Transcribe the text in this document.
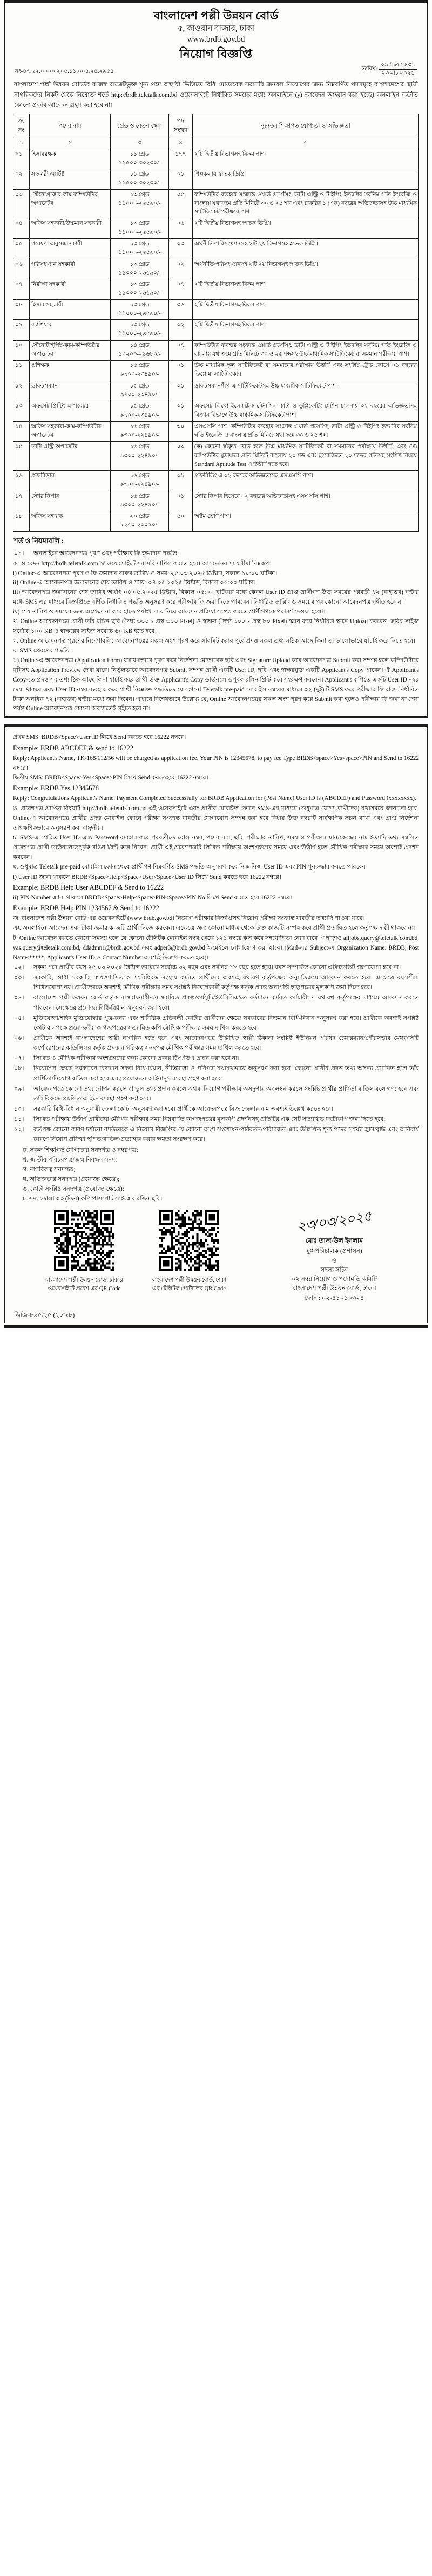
বাংলাদেশ পল্লী উন্নয়ন বোর্ড
৫, কাওরান বাজার, ঢাকা
www.brdb.gov.bd
নিয়োগ বিজ্ঞপ্তি
নং-৪৭.৬২.০০০০.২০৫.১১.০০৪.২৪.২৯৫৪	তারিখ:
০৯ চৈত্র ১৪৩১
২৩ মার্চ ২০২৫
বাংলাদেশ পল্লী উন্নয়ন বোর্ডের রাজস্ব বাজেটভুক্ত শূন্য পদে অস্থায়ী ভিত্তিতে বিধি মোতাবেক সরাসরি জনবল নিয়োগের জন্য নিম্নবর্ণিত পদসমূহে বাংলাদেশের স্থায়ী নাগরিকদের নিকট থেকে নিম্নোক্ত শর্তে http://brdb.teletalk.com.bd ওয়েবসাইটে নির্ধারিত সময়ের মধ্যে অনলাইনে (y) আবেদন আহ্বান করা হচ্ছে। অনলাইন ব্যতীত কোনো প্রকার আবেদন গ্রহণ করা হবে না।
ক্র. নং	পদের নাম	গ্রেড ও বেতন স্কেল	পদ সংখ্যা	ন্যূনতম শিক্ষাগত যোগ্যতা ও অভিজ্ঞতা
১	২	৩	৪	৫
০১	হিসাবরক্ষক	১১ গ্রেড ১২৫০০-৩০২৩০/-	১৭৭	২টি দ্বিতীয় বিভাগসহ বিকম পাশ।
০২	সহকারী আর্টিষ্ট	১১ গ্রেড ১২৫০০-৩০২৩০/-	০১	শিল্পকলায় স্নাতক ডিগ্রি।
০৩	স্টেনোগ্রাফার-কাম-কম্পিউটার অপারেটর	১৩ গ্রেড ১১০০০-২৬৫৯০/-	০৫	কম্পিউটার ব্যবহার সংক্রান্ত ওয়ার্ড প্রসেসিং, ডাটা এন্ট্রি ও টাইপিং ইত্যাদির সর্বনিম্ন গতি ইংরেজি ও বাংলায় যথাক্রমে প্রতি মিনিটে ৩০ ও ২৫ শব্দ এবং চাকরির ১ (এক) বছরের অভিজ্ঞতাসহ উচ্চ মাধ্যমিক সার্টিফিকেট পরীক্ষায় পাশ।
০৪	অফিস সহকারী/উচ্চমান সহকারী	১৩ গ্রেড ১১০০০-২৬৫৯০/-	০৬	২টি দ্বিতীয় বিভাগসহ স্নাতক ডিগ্রি।
০৫	গবেষণা অনুসন্ধানকারী	১৩ গ্রেড ১১০০০-২৬৫৯০/-	০৩	অর্থনীতি/পরিসংখ্যানসহ ২টি ২য় বিভাগসহ স্নাতক ডিগ্রি।
০৬	পরিসংখ্যান সহকারী	১৩ গ্রেড ১১০০০-২৬৫৯০/-	০২	অর্থনীতি/পরিসংখ্যানসহ ২টি ২য় বিভাগসহ স্নাতক ডিগ্রি।
০৭	নিরীক্ষা সহকারী	১৩ গ্রেড ১১০০০-২৬৫৯০/-	০৭	২টি দ্বিতীয় বিভাগসহ বিকম পাশ।
০৮	হিসাব সহকারী	১৩ গ্রেড ১১০০০-২৬৫৯০/-	৩৬	২টি দ্বিতীয় বিভাগসহ বিকম পাশ।
০৯	ক্যাশিয়ার	১৩ গ্রেড ১১০০০-২৬৫৯০/-	০২	২টি দ্বিতীয় বিভাগসহ বিকম পাশ।
১০	স্টেনোটাইপিষ্ট-কাম-কম্পিউটার অপারেটর	১৪ গ্রেড ১০২০০-২৪৬৮০/-	০৭	কম্পিউটার ব্যবহার সংক্রান্ত ওয়ার্ড প্রসেসিং, ডাটা এন্ট্রি ও টাইপিং ইত্যাদির সর্বনিম্ন গতি ইংরেজি ও বাংলায় যথাক্রমে প্রতি মিনিটে ৩০ ও ২৫ শব্দসহ উচ্চ মাধ্যমিক সার্টিফিকেট বা সমমান পরীক্ষায় পাশ।
১১	প্রশিক্ষক	১৫ গ্রেড ৯৭০০-২৩৪৯০/-	০১	উচ্চ মাধ্যমিক স্কুল সার্টিফিকেট বা সমমানের পরীক্ষায় উত্তীর্ণ এবং সংশ্লিষ্ট ট্রেড কোর্সে ০১ বছরের ডিপ্লোমা সার্টিফিকেট।
১২	ড্রাফটসম্যান	১৫ গ্রেড ৯৭০০-২৩৪৯০/-	০১	ড্রাফটসম্যানশীপ এ সার্টিফিকেটসহ উচ্চ মাধ্যমিক সার্টিফিকেট পাশ।
১৩	অফসেট প্রিন্টিং অপারেটর	১৫ গ্রেড ৯৭০০-২৩৪৯০/-	০১	অফসেট লিথো ইলেকট্রিক স্টেনসিল কাটা ও ডুপ্লিকেটিং মেশিন চালনায় ০২ বছরের অভিজ্ঞতাসহ বিজ্ঞান বিভাগে উচ্চ মাধ্যমিক সার্টিফিকেট পাশ।
১৪	অফিস সহকারী-কাম-কম্পিউটার অপারেটর	১৬ গ্রেড ৯৩০০-২২৪৯০/-	৩০	এসএসসি পাশ। কম্পিউটার ব্যবহার সংক্রান্ত ওয়ার্ড প্রসেসিং, ডাটা এন্ট্রি ও টাইপিং ইত্যাদির সর্বনিম্ন গতি ইংরেজি ও বাংলায় প্রতি মিনিটে যথাক্রমে ৩০ ও ২৫ শব্দ।
১৫	ডাটা এন্ট্রি অপারেটর	১৬ গ্রেড ৯৩০০-২২৪৯০/-	০৩	(ক) কোনো স্বীকৃত বোর্ড হতে উচ্চ মাধ্যমিক সার্টিফিকেট বা সমমানের পরীক্ষায় উত্তীর্ণ; এবং (খ) কম্পিউটার মুদ্রাক্ষরে প্রতি মিনিটে বাংলায় ২০ শব্দ এবং ইংরেজিতে ২০ শব্দের গতিসহ সংশ্লিষ্ট বিষয়ে Standard Aptitude Test এ উত্তীর্ণ হতে হবে।
১৬	প্রুফরিডার	১৬ গ্রেড ৯৩০০-২২৪৯০/-	০১	প্রুফরিডিং এ ০২ বছরের অভিজ্ঞতাসহ এসএসসি পাশ।
১৭	স্টোর কিপার	১৬ গ্রেড ৯৩০০-২২৪৯০/-	০১	স্টোর কিপার হিসেবে ০২ বছরের অভিজ্ঞতাসহ এসএসসি পাশ।
১৮	অফিস সহায়ক	২০ গ্রেড ৮২৫০-২০০১০/-	৫০	অষ্টম শ্রেণি পাশ।
শর্ত ও নিয়মাবলি :
০১।	অনলাইনে আবেদনপত্র পূরণ এবং পরীক্ষার ফি জমাদান পদ্ধতি:
ক. আবেদন http://brdb.teletalk.com.bd ওয়েবসাইটে সরাসরি দাখিল করতে হবে। আবেদনের সময়সীমা নিম্নরূপ:
i) Online-এ আবেদনপত্র পূরণ ও ফি জমাদান শুরুর তারিখ ও সময়: ২৫.০৩.২০২৫ খ্রিষ্টাব্দ, সকাল ১০:০০ ঘটিকা।
ii) Online-এ আবেদনপত্র জমাদানের শেষ তারিখ ও সময়: ০৪.০৫.২০২৫ খ্রিষ্টাব্দ, বিকাল ০৫:০০ ঘটিকা।
iii) আবেদনপত্র জমাদানের শেষ তারিখ অর্থাৎ ০৪.০৫.২০২৫ খ্রিষ্টাব্দ, বিকাল ০৫:০০ ঘটিকার মধ্যে কেবল User ID প্রাপ্ত প্রার্থীগণ উক্ত সময়ের পরবর্তী ৭২ (বাহাত্তর) ঘণ্টার মধ্যে SMS এর মাধ্যমে বিজ্ঞপ্তিতে বর্ণিত নির্ধারিত পদ্ধতি অনুসরণ করে পরীক্ষার ফি জমা দিতে পারবেন। নির্ধারিত তারিখ ও সময়ের পর কোনো আবেদনপত্র গৃহীত হবে না।
iv) শেষ তারিখ ও সময়ের জন্য অপেক্ষা না করে হাতে পর্যাপ্ত সময় নিয়ে আবেদন প্রক্রিয়া সম্পন্ন করতে প্রার্থীগণকে পরামর্শ দেওয়া হলো।
খ. Online আবেদনপত্রে প্রার্থী তাঁর রঙ্গিন ছবি (দৈর্ঘ্য ৩০০ x প্রস্থ ৩০০ Pixel) ও স্বাক্ষর (দৈর্ঘ্য ৩০০ x প্রস্থ ৮০ Pixel) স্ক্যান করে নির্ধারিত স্থানে Upload করবেন। ছবির সাইজ সর্বোচ্চ ১০০ KB ও স্বাক্ষরের সাইজ সর্বোচ্চ ৬০ KB হতে হবে।
গ. Online আবেদনপত্র পূরণের নির্দেশাবলি: আবেদনপত্রের সকল অংশ পূরণ করে সাবমিট করার পূর্বে প্রদত্ত সকল তথ্য সঠিক আছে কিনা তা ভালোভাবে যাচাই করে নিতে হবে।
ঘ. SMS প্রেরণের পদ্ধতি:
১) Online-এ আবেদনপত্র (Application Form) যথাযথভাবে পূরণ করে নির্দেশনা মোতাবেক ছবি এবং Signature Upload করে আবেদনপত্র Submit করা সম্পন্ন হলে কম্পিউটারে ছবিসহ Application Preview দেখা যাবে। নির্ভুলভাবে আবেদনপত্র Submit সম্পন্ন প্রার্থী একটি User ID, ছবি এবং স্বাক্ষরযুক্ত একটি Applicant's Copy পাবেন। ঐ Applicant's Copy-তে প্রদত্ত সব তথ্য ঠিক আছে কিনা যাচাই করে প্রার্থী উক্ত Applicant's Copy ডাউনলোডপূর্বক রঙ্গিন প্রিন্ট করে সংরক্ষণ করবেন। Applicant's কপিতে একটি User ID নম্বর দেয়া থাকবে এবং User ID নম্বর ব্যবহার করে প্রার্থী নিম্নোক্ত পদ্ধতিতে যে কোনো Teletalk pre-paid মোবাইল নম্বরের মাধ্যমে ০২ (দুই)টি SMS করে পরীক্ষার ফি বাবদ নির্ধারিত টাকা অনধিক ৭২ (বাহাত্তর) ঘণ্টার মধ্যে জমা দিবেন। এখানে বিশেষভাবে উল্লেখ্য যে, Online আবেদনপত্রের সকল অংশ পূরণ করে Submit করা হলেও পরীক্ষার ফি জমা না দেয়া পর্যন্ত Online আবেদনপত্র কোনো অবস্থাতেই গৃহীত হবে না।
প্রথম SMS: BRDB<Space>User ID লিখে Send করতে হবে 16222 নম্বরে।
Example: BRDB ABCDEF & send to 16222
Reply: Applicant's Name, TK-168/112/56 will be charged as application fee. Your PIN is 12345678, to pay fee Type BRDB<space>Yes<space>PIN and Send to 16222 নম্বরে।
দ্বিতীয় SMS: BRDB<Space>Yes<Space>PIN লিখে Send করতেহবে 16222 নম্বরে।
Example: BRDB Yes 12345678
Reply: Congratulations Applicant's Name. Payment Completed Successfully for BRDB Application for (Post Name) User ID is (ABCDEF) and Password (xxxxxxxx).
ঙ. প্রবেশপত্র প্রাপ্তির বিষয়টি http://brdb.teletalk.com.bd এই ওয়েবসাইটে এবং প্রার্থীর মোবাইল ফোনে SMS-এর মাধ্যমে (শুধুমাত্র যোগ্য প্রার্থীদের) যথাসময়ে জানানো হবে। Online-এ আবেদনপত্রে প্রার্থীর প্রদত্ত মোবাইল ফোনে পরীক্ষা সংক্রান্ত যাবতীয় যোগাযোগ সম্পন্ন করা হবে বিধায় উক্ত নম্বরটি সার্বক্ষণিক সচল রাখা এবং প্রাপ্ত নির্দেশনা তাৎক্ষণিকভাবে অনুসরণ করা বাঞ্ছনীয়।
চ. SMS-এ প্রেরিত User ID এবং Password ব্যবহার করে পরবর্তীতে রোল নম্বর, পদের নাম, ছবি, পরীক্ষার তারিখ, সময় ও পরীক্ষার স্থান/কেন্দ্রের নাম ইত্যাদি তথ্য সম্বলিত প্রবেশপত্র প্রার্থী ডাউনলোডপূর্বক রঙিন প্রিন্ট করে নিবেন। প্রার্থী এই প্রবেশপত্রটি লিখিত পরীক্ষায় অংশগ্রহণের সময়ে এবং উত্তীর্ণ হলে মৌখিক পরীক্ষার সময়ে অবশ্যই প্রদর্শন করবেন।
ছ. শুধুমাত্র Teletalk pre-paid মোবাইল ফোন থেকে প্রার্থীগণ নিম্নবর্ণিত SMS পদ্ধতি অনুসরণ করে নিজ নিজ User ID এবং PIN পুনরুদ্ধার করতে পারবেন।
i) User ID জানা থাকলে BRDB<Space>Help<Space>User<Space>User ID লিখে Send করতে হবে 16222 নম্বরে।
Example: BRDB Help User ABCDEF & Send to 16222
ii) PIN Number জানা থাকলে BRDB<Space>Help<Space>PIN<Space>PIN No লিখে Send করতে হবে 16222 নম্বরে।
Example: BRDB Help PIN 1234567 & Send to 16222
জ. বাংলাদেশ পল্লী উন্নয়ন বোর্ড এর ওয়েবসাইটে (www.brdb.gov.bd) নিয়োগ পরীক্ষার বিজ্ঞপ্তিসহ নিয়োগ পরীক্ষা সংক্রান্ত যাবতীয় তথ্যাদি পাওয়া যাবে।
ঞ. অনলাইনে আবেদন এবং টাকা জমার কাজটি প্রার্থী নিজে করবেন। এক্ষেত্রে অন্য কোনো মাধ্যম থেকে উক্ত কাজটি সম্পন্ন করে প্রার্থী প্রতারিত হলে কর্তৃপক্ষ দায়ী থাকবে না।
ট. Online আবেদন করতে কোনো সমস্যা হলে যে কোনো টেলিটক মোবাইল নম্বর থেকে ১২১ নম্বরে কল করে সহযোগিতা নেয়া যাবে। এছাড়াও alljobs.query@teletalk.com.bd, vas.query@teletalk.com.bd, ddadmn1@brdb.gov.bd এবং adper3@brdb.gov.bd ই-মেইলে যোগাযোগ করা যাবে। (Mail-এর Subject-এ Organization Name: BRDB, Post Name:*****, Applicant's User ID ও Contact Number অবশ্যই উল্লেখ করতে হবে)।
০২।	সকল পদে প্রার্থীর বয়স ২৫.০৩.২০২৫ খ্রিষ্টাব্দ তারিখে সর্বোচ্চ ৩২ বছর এবং সর্বনিম্ন ১৮ বছর হতে হবে। বয়স সম্পর্কিত কোনো এফিডেভিট গ্রহণযোগ্য হবে না।
০৩।	সরকারি, আধা সরকারি, স্বায়ত্তশাসিত ও সংবিধিবদ্ধ সংস্থায় কর্মরত প্রার্থীদের অবশ্যই যথাযথ কর্তৃপক্ষের অনুমতিক্রমে আবেদন করতে হবে। এক্ষেত্রে বয়সসীমা শিথিলযোগ্য নয়। প্রার্থীদেরকে অবশ্যই মৌখিক পরীক্ষার সময় সংশ্লিষ্ট নিয়োগকারী কর্তৃপক্ষ কর্তৃক প্রদত্ত অনাপত্তি ছাড়পত্রের মূলকপি জমা দিতে হবে।
০৪।	বাংলাদেশ পল্লী উন্নয়ন বোর্ড কর্তৃক বাস্তবায়নাধীন/বাস্তবায়িত প্রকল্প/কর্মসূচি/ইউসিসিএ'তে বর্তমানে কর্মরত কর্মচারীগণ যথাযথ কর্তৃপক্ষের মাধ্যমে আবেদন করতে পারবেন। সেক্ষেত্রে প্রযোজ্য বিধি-বিধান অনুসরণ করা হবে।
০৫।	মুক্তিযোদ্ধা/শহিদ মুক্তিযোদ্ধার পুত্র-কন্যা এবং শারীরিক প্রতিবন্ধী কোটার প্রার্থীদের ক্ষেত্রে সরকারের বিদ্যমান বিধি-বিধান অনুসরণ করা হবে। প্রার্থীকে অবশ্যই সংশ্লিষ্ট কোটার সপক্ষে প্রয়োজনীয় কাগজপত্রের সত্যায়িত কপি মৌখিক পরীক্ষার সময় দাখিল করতে হবে।
০৬।	প্রার্থীকে অবশ্যই বাংলাদেশের স্থায়ী নাগরিক হতে হবে এবং আবেদনপত্রে উল্লিখিত স্থায়ী ঠিকানা সংশ্লিষ্ট ইউনিয়ন পরিষদ চেয়ারম্যান/পৌরসভার মেয়র/সিটি কর্পোরেশনের কাউন্সিলর কর্তৃক প্রদত্ত নাগরিকত্ব সনদপত্র মৌখিক পরীক্ষার সময় দাখিল করতে হবে।
০৭।	লিখিত ও মৌখিক পরীক্ষায় অংশগ্রহণের জন্য কোনো প্রকার টিএ/ডিএ প্রদান করা হবে না।
০৮।	নিয়োগের ক্ষেত্রে সরকারের বিদ্যমান সকল বিধি-বিধান, নীতিমালা ও পরিপত্র যথাযথভাবে অনুসরণ করা হবে। কোনো প্রার্থীর প্রদত্ত তথ্য অসত্য প্রমাণিত হলে তাঁর প্রার্থিতা/নিয়োগ বাতিল করা হবে এবং প্রয়োজনে আইনানুগ ব্যবস্থা গ্রহণ করা হবে।
০৯।	আবেদনপত্রে কোনো তথ্য গোপন করলে বা ভুল তথ্য প্রদান করলে অথবা নিয়োগ পরীক্ষায় অসদুপায় অবলম্বন করলে সংশ্লিষ্ট প্রার্থীর প্রার্থিতা বাতিল বলে গণ্য হবে এবং তাঁর বিরুদ্ধে প্রচলিত আইনে ব্যবস্থা গ্রহণ করা হবে।
১০।	সরকারি বিধি-বিধান অনুযায়ী জেলা কোটা অনুসরণ করা হবে। প্রার্থীকে আবেদনপত্রে নিজ জেলার নাম অবশ্যই উল্লেখ করতে হবে।
১১।	লিখিত পরীক্ষায় উত্তীর্ণ প্রার্থীদের মৌখিক পরীক্ষার সময় নিম্নবর্ণিত কাগজপত্রের মূলকপি প্রদর্শনসহ প্রতিটির এক সেট সত্যায়িত ফটোকপি জমা দিতে হবে:
১২।	কর্তৃপক্ষ কোনো কারণ দর্শানো ব্যতিরেকে এ নিয়োগ বিজ্ঞপ্তির যে কোনো অংশ সংশোধন/পরিবর্তন/পরিমার্জন এবং উল্লিখিত শূন্য পদের সংখ্যা হ্রাস/বৃদ্ধি এবং অনিবার্য কারণে নিয়োগ প্রক্রিয়া স্থগিত/বাতিল/প্রত্যাহার করার ক্ষমতা সংরক্ষণ করে।
ক. সকল শিক্ষাগত যোগ্যতার সনদপত্র ও নম্বরপত্র;
খ. জাতীয় পরিচয়পত্র/জন্ম নিবন্ধন সনদ;
গ. নাগরিকত্ব সনদপত্র;
ঘ. অভিজ্ঞতার সনদপত্র (প্রযোজ্য ক্ষেত্রে);
ঙ. কোটা সংশ্লিষ্ট সনদপত্র (প্রযোজ্য ক্ষেত্রে);
চ. সদ্য তোলা ০৩ (তিন) কপি পাসপোর্ট সাইজের রঙিন ছবি।
বাংলাদেশ পল্লী উন্নয়ন বোর্ড, ঢাকার ওয়েবসাইটে প্রবেশ এর QR Code
বাংলাদেশ পল্লী উন্নয়ন বোর্ড, ঢাকা এর টেলিটক পোর্টালের QR Code
২৩/০৩/২০২৫
মোঃ তাজ-উল ইসলাম
যুগ্মপরিচালক (প্রশাসন)
ও
সদস্য সচিব
০২ নম্বর নিয়োগ ও পদোন্নতি কমিটি
বাংলাদেশ পল্লী উন্নয়ন বোর্ড, ঢাকা।
ফোন : ০২-৪১০১০৩২৪
ডিজি-৮৯৫/২৫ (২০˝x৮)
